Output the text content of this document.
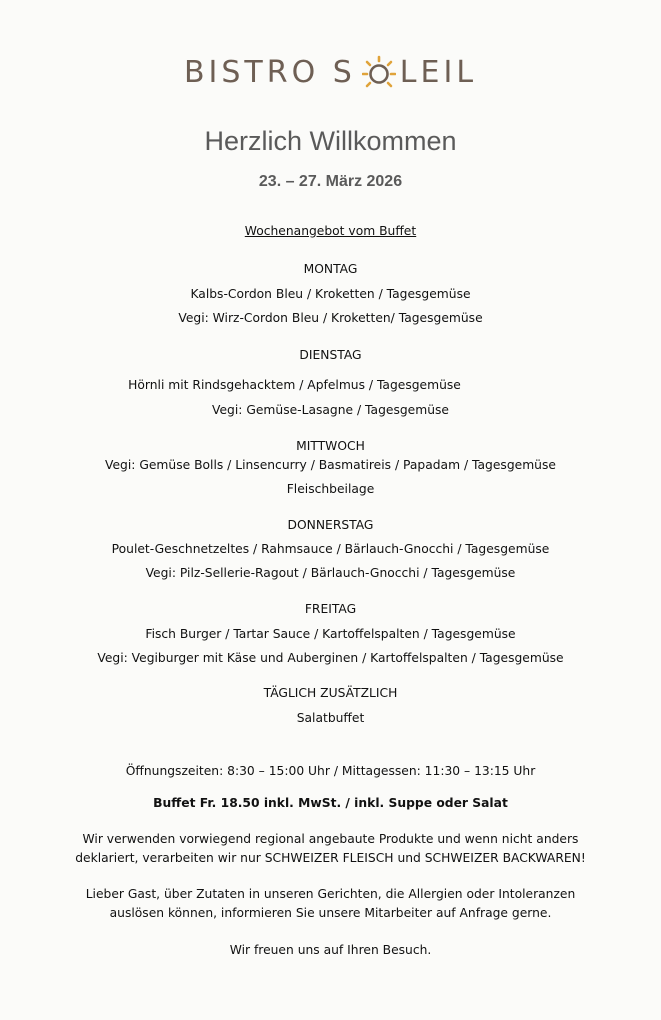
BISTRO S LEIL
Herzlich Willkommen
23. – 27. März 2026
Wochenangebot vom Buffet
MONTAG
Kalbs-Cordon Bleu / Kroketten / Tagesgemüse
Vegi: Wirz-Cordon Bleu / Kroketten/ Tagesgemüse
DIENSTAG
Hörnli mit Rindsgehacktem / Apfelmus / Tagesgemüse
Vegi: Gemüse-Lasagne / Tagesgemüse
MITTWOCH
Vegi: Gemüse Bolls / Linsencurry / Basmatireis / Papadam / Tagesgemüse
Fleischbeilage
DONNERSTAG
Poulet-Geschnetzeltes / Rahmsauce / Bärlauch-Gnocchi / Tagesgemüse
Vegi: Pilz-Sellerie-Ragout / Bärlauch-Gnocchi / Tagesgemüse
FREITAG
Fisch Burger / Tartar Sauce / Kartoffelspalten / Tagesgemüse
Vegi: Vegiburger mit Käse und Auberginen / Kartoffelspalten / Tagesgemüse
TÄGLICH ZUSÄTZLICH
Salatbuffet
Öffnungszeiten: 8:30 – 15:00 Uhr / Mittagessen: 11:30 – 13:15 Uhr
Buffet Fr. 18.50 inkl. MwSt. / inkl. Suppe oder Salat
Wir verwenden vorwiegend regional angebaute Produkte und wenn nicht anders
deklariert, verarbeiten wir nur SCHWEIZER FLEISCH und SCHWEIZER BACKWAREN!
Lieber Gast, über Zutaten in unseren Gerichten, die Allergien oder Intoleranzen
auslösen können, informieren Sie unsere Mitarbeiter auf Anfrage gerne.
Wir freuen uns auf Ihren Besuch.
